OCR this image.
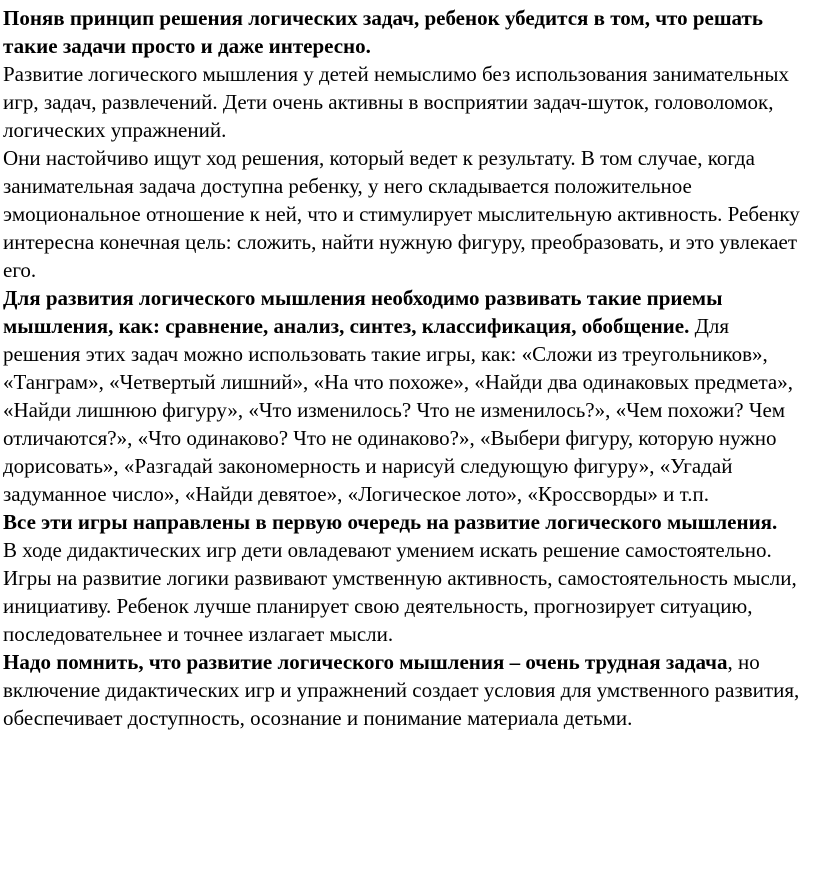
Поняв принцип решения логических задач, ребенок убедится в том, что решать такие задачи просто и даже интересно.

Развитие логического мышления у детей немыслимо без использования занимательных игр, задач, развлечений. Дети очень активны в восприятии задач-шуток, головоломок, логических упражнений.

Они настойчиво ищут ход решения, который ведет к результату. В том случае, когда занимательная задача доступна ребенку, у него складывается положительное эмоциональное отношение к ней, что и стимулирует мыслительную активность. Ребенку интересна конечная цель: сложить, найти нужную фигуру, преобразовать, и это увлекает его.

Для развития логического мышления необходимо развивать такие приемы мышления, как: сравнение, анализ, синтез, классификация, обобщение. Для решения этих задач можно использовать такие игры, как: «Сложи из треугольников», «Танграм», «Четвертый лишний», «На что похоже», «Найди два одинаковых предмета», «Найди лишнюю фигуру», «Что изменилось? Что не изменилось?», «Чем похожи? Чем отличаются?», «Что одинаково? Что не одинаково?», «Выбери фигуру, которую нужно дорисовать», «Разгадай закономерность и нарисуй следующую фигуру», «Угадай задуманное число», «Найди девятое», «Логическое лото», «Кроссворды» и т.п.

Все эти игры направлены в первую очередь на развитие логического мышления.

В ходе дидактических игр дети овладевают умением искать решение самостоятельно. Игры на развитие логики развивают умственную активность, самостоятельность мысли, инициативу. Ребенок лучше планирует свою деятельность, прогнозирует ситуацию, последовательнее и точнее излагает мысли.

Надо помнить, что развитие логического мышления – очень трудная задача, но включение дидактических игр и упражнений создает условия для умственного развития, обеспечивает доступность, осознание и понимание материала детьми.
